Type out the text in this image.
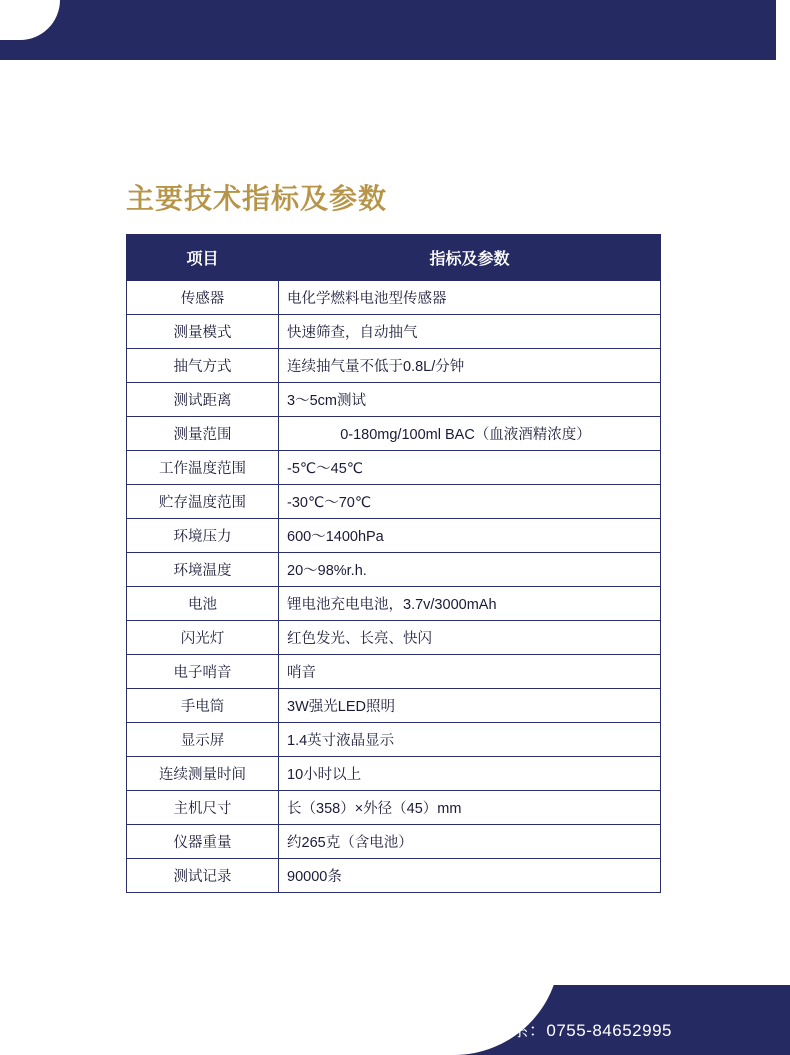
主要技术指标及参数
项目	指标及参数
传感器	电化学燃料电池型传感器
测量模式	快速筛查，自动抽气
抽气方式	连续抽气量不低于0.8L/分钟
测试距离	3～5cm测试
测量范围	0-180mg/100ml BAC（血液酒精浓度）
工作温度范围	-5℃～45℃
贮存温度范围	-30℃～70℃
环境压力	600～1400hPa
环境温度	20～98%r.h.
电池	锂电池充电电池，3.7v/3000mAh
闪光灯	红色发光、长亮、快闪
电子哨音	哨音
手电筒	3W强光LED照明
显示屏	1.4英寸液晶显示
连续测量时间	10小时以上
主机尺寸	长（358）×外径（45）mm
仪器重量	约265克（含电池）
测试记录	90000条
电话联系：0755-84652995
